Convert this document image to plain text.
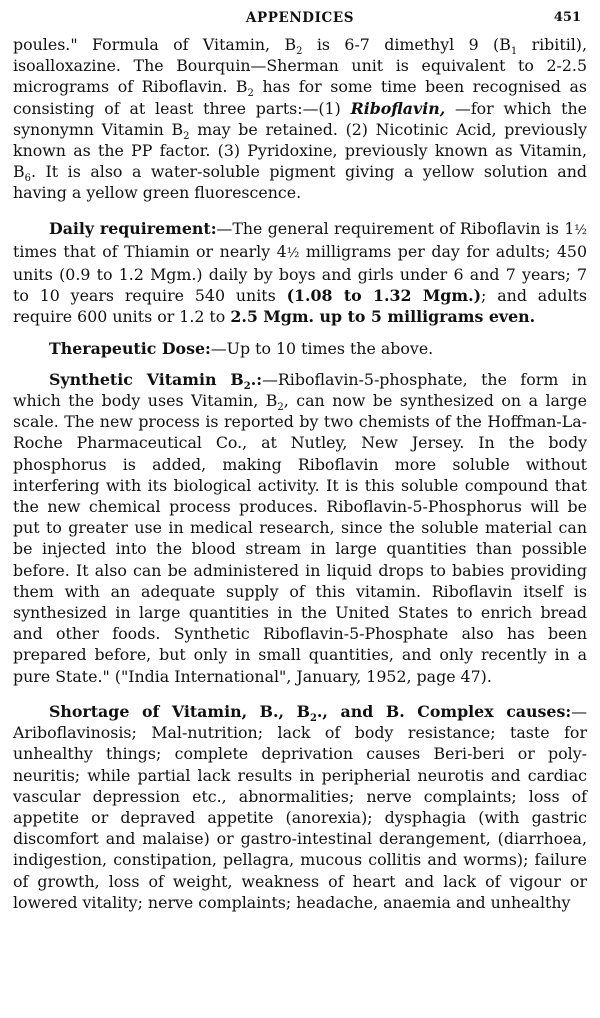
APPENDICES	451

poules." Formula of Vitamin, $B_2$ is 6-7 dimethyl 9 ($B_1$ ribitil), isoalloxazine. The Bourquin—Sherman unit is equivalent to 2-2.5 micrograms of Riboflavin. $B_2$ has for some time been recognised as consisting of at least three parts:—(1) Riboflavin, —for which the synonymn Vitamin $B_2$ may be retained. (2) Nicotinic Acid, previously known as the PP factor. (3) Pyridoxine, previously known as Vitamin, $B_6$. It is also a water-soluble pigment giving a yellow solution and having a yellow green fluorescence.

Daily requirement:—The general requirement of Riboflavin is 1½ times that of Thiamin or nearly 4½ milligrams per day for adults; 450 units (0.9 to 1.2 Mgm.) daily by boys and girls under 6 and 7 years; 7 to 10 years require 540 units (1.08 to 1.32 Mgm.); and adults require 600 units or 1.2 to 2.5 Mgm. up to 5 milligrams even.

Therapeutic Dose:—Up to 10 times the above.

Synthetic Vitamin $B_2.:—Riboflavin-5$-phosphate, the form in which the body uses Vitamin, $B_2$, can now be synthesized on a large scale. The new process is reported by two chemists of the Hoffman-La-Roche Pharmaceutical Co., at Nutley, New Jersey. In the body phosphorus is added, making Riboflavin more soluble without interfering with its biological activity. It is this soluble compound that the new chemical process produces. Riboflavin-5-Phosphorus will be put to greater use in medical research, since the soluble material can be injected into the blood stream in large quantities than possible before. It also can be administered in liquid drops to babies providing them with an adequate supply of this vitamin. Riboflavin itself is synthesized in large quantities in the United States to enrich bread and other foods. Synthetic Riboflavin-5-Phosphate also has been prepared before, but only in small quantities, and only recently in a pure State." ("India International", January, 1952, page 47).

Shortage of Vitamin, B., $B_2$., and B. Complex causes:— Ariboflavinosis; Mal-nutrition; lack of body resistance; taste for unhealthy things; complete deprivation causes Beri-beri or poly-neuritis; while partial lack results in peripherial neurotis and cardiac vascular depression etc., abnormalities; nerve complaints; loss of appetite or depraved appetite (anorexia); dysphagia (with gastric discomfort and malaise) or gastro-intestinal derangement, (diarrhoea, indigestion, constipation, pellagra, mucous collitis and worms); failure of growth, loss of weight, weakness of heart and lack of vigour or lowered vitality; nerve complaints; headache, anaemia and unhealthy
